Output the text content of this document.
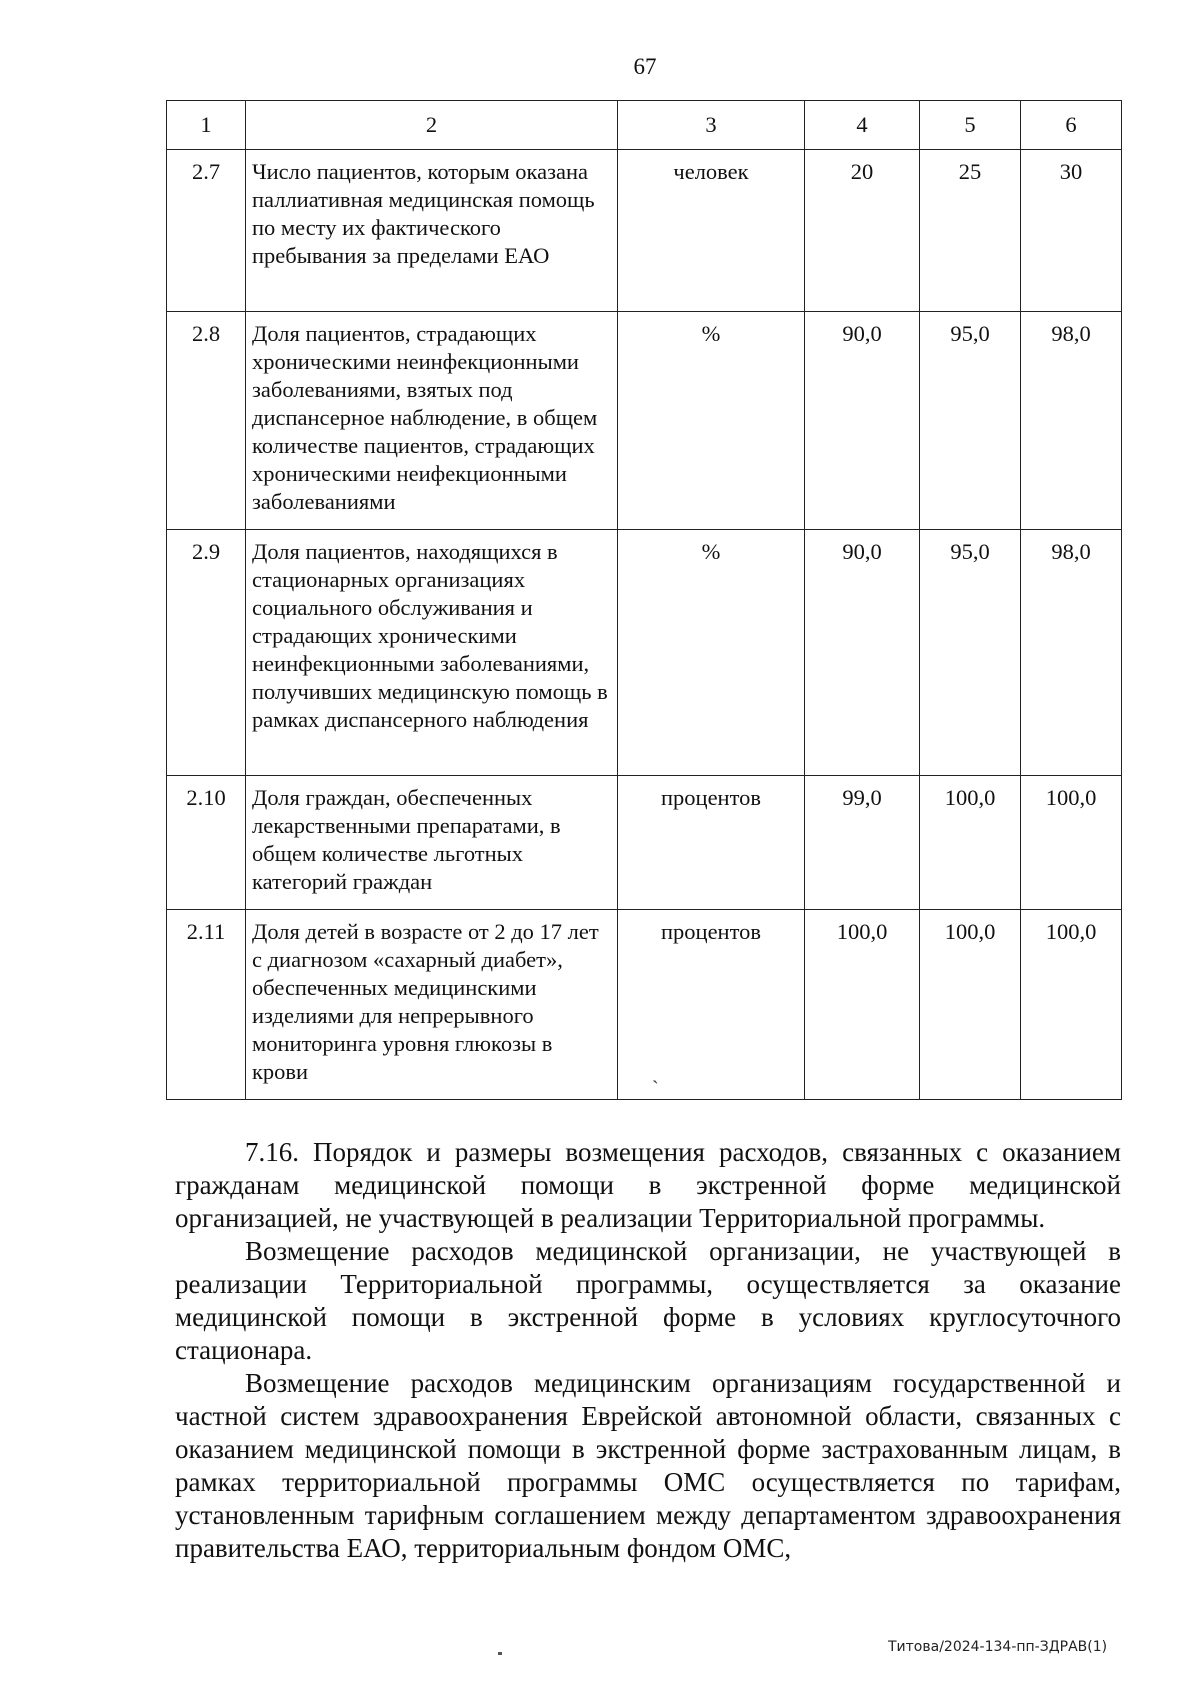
67
1	2	3	4	5	6
2.7	Число пациентов, которым оказана паллиативная медицинская помощь по месту их фактического пребывания за пределами ЕАО	человек	20	25	30
2.8	Доля пациентов, страдающих хроническими неинфекционными заболеваниями, взятых под диспансерное наблюдение, в общем количестве пациентов, страдающих хроническими неифекционными заболеваниями	%	90,0	95,0	98,0
2.9	Доля пациентов, находящихся в стационарных организациях социального обслуживания и страдающих хроническими неинфекционными заболеваниями, получивших медицинскую помощь в рамках диспансерного наблюдения	%	90,0	95,0	98,0
2.10	Доля граждан, обеспеченных лекарственными препаратами, в общем количестве льготных категорий граждан	процентов	99,0	100,0	100,0
2.11	Доля детей в возрасте от 2 до 17 лет с диагнозом «сахарный диабет», обеспеченных медицинскими изделиями для непрерывного мониторинга уровня глюкозы в крови	процентов	100,0	100,0	100,0
ˏ

7.16. Порядок и размеры возмещения расходов, связанных с оказанием гражданам медицинской помощи в экстренной форме медицинской организацией, не участвующей в реализации Территориальной программы.

Возмещение расходов медицинской организации, не участвующей в реализации Территориальной программы, осуществляется за оказание медицинской помощи в экстренной форме в условиях круглосуточного стационара.

Возмещение расходов медицинским организациям государственной и частной систем здравоохранения Еврейской автономной области, связанных с оказанием медицинской помощи в экстренной форме застрахованным лицам, в рамках территориальной программы ОМС осуществляется по тарифам, установленным тарифным соглашением между департаментом здравоохранения правительства ЕАО, территориальным фондом ОМС,

Титова/2024-134-пп-ЗДРАВ(1)
